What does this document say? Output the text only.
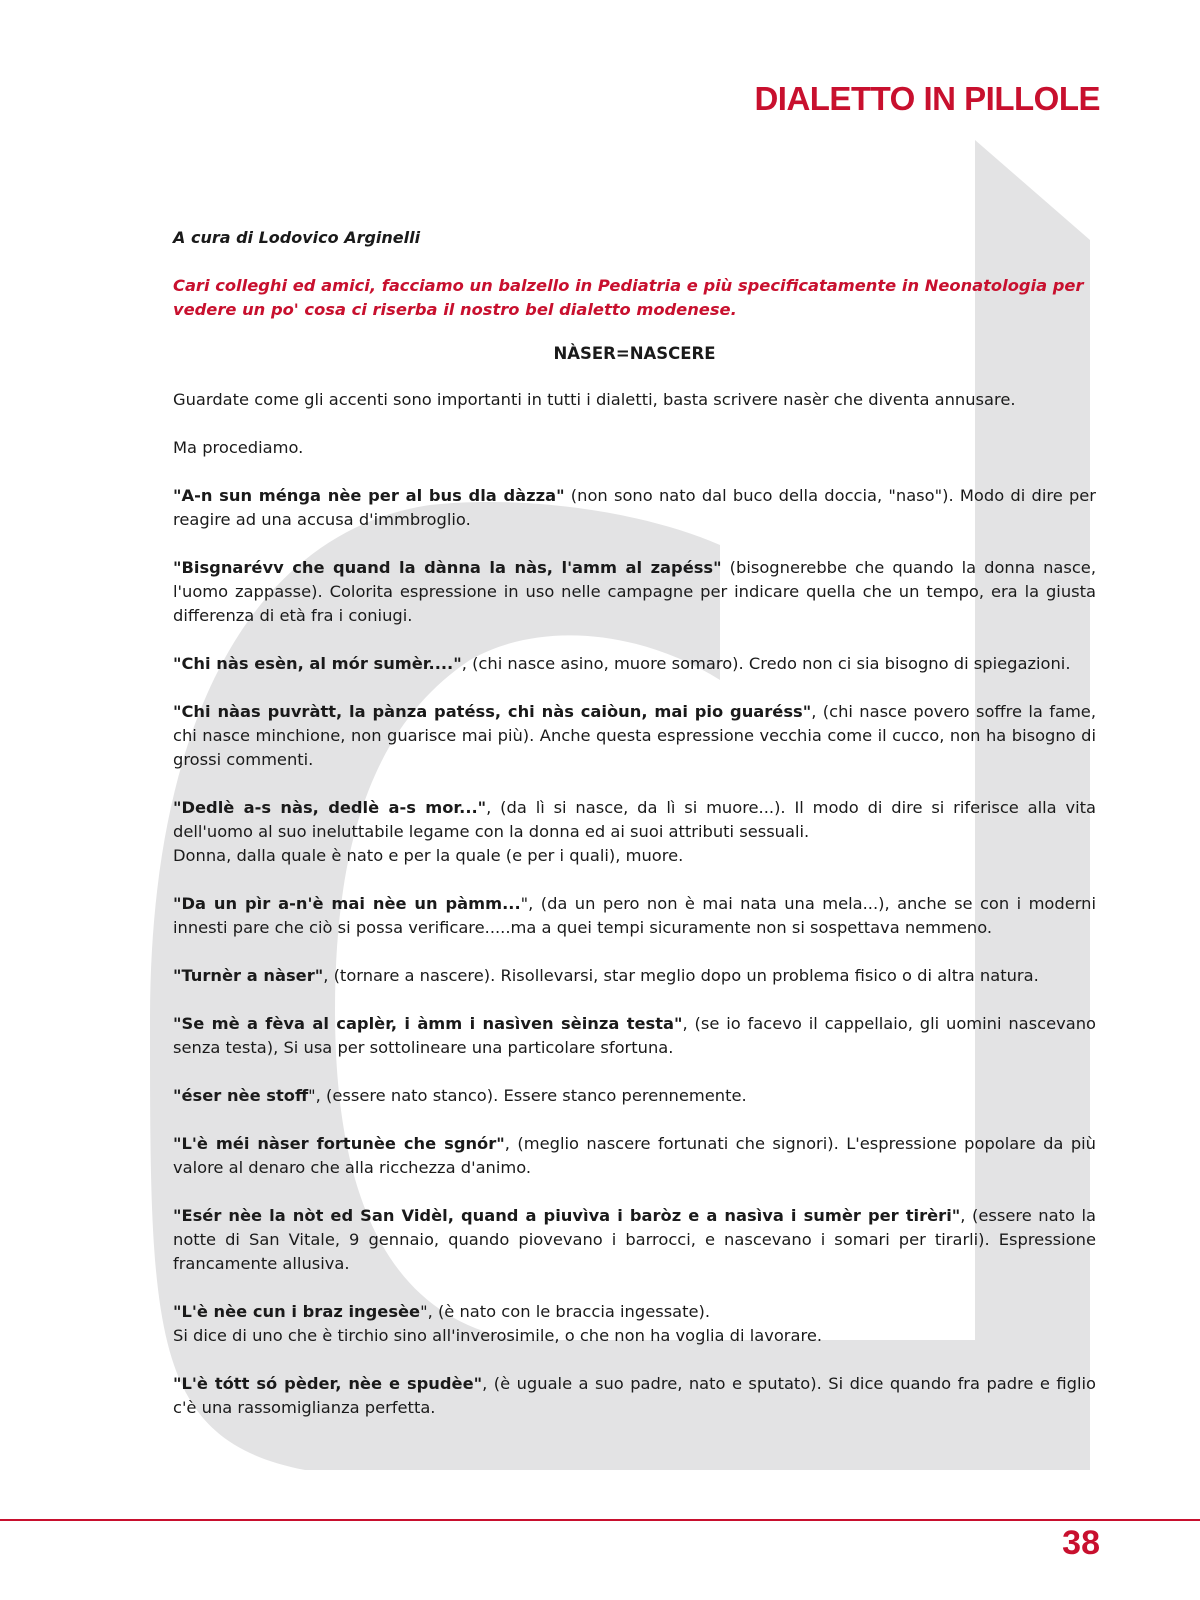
DIALETTO IN PILLOLE
A cura di Lodovico Arginelli
Cari colleghi ed amici, facciamo un balzello in Pediatria e più specificatamente in Neonatologia per vedere un po' cosa ci riserba il nostro bel dialetto modenese.
NÀSER=NASCERE

Guardate come gli accenti sono importanti in tutti i dialetti, basta scrivere nasèr che diventa annusare.

Ma procediamo.

"A-n sun ménga nèe per al bus dla dàzza" (non sono nato dal buco della doccia, "naso"). Modo di dire per reagire ad una accusa d'immbroglio.

"Bisgnarévv che quand la dànna la nàs, l'amm al zapéss" (bisognerebbe che quando la donna nasce, l'uomo zappasse). Colorita espressione in uso nelle campagne per indicare quella che un tempo, era la giusta differenza di età fra i coniugi.

"Chi nàs esèn, al mór sumèr....", (chi nasce asino, muore somaro). Credo non ci sia bisogno di spiegazioni.

"Chi nàas puvràtt, la pànza patéss, chi nàs caiòun, mai pio guaréss", (chi nasce povero soffre la fame, chi nasce minchione, non guarisce mai più). Anche questa espressione vecchia come il cucco, non ha bisogno di grossi commenti.

"Dedlè a-s nàs, dedlè a-s mor...", (da lì si nasce, da lì si muore...). Il modo di dire si riferisce alla vita dell'uomo al suo ineluttabile legame con la donna ed ai suoi attributi sessuali.

Donna, dalla quale è nato e per la quale (e per i quali), muore.

"Da un pìr a-n'è mai nèe un pàmm...", (da un pero non è mai nata una mela...), anche se con i moderni innesti pare che ciò si possa verificare.....ma a quei tempi sicuramente non si sospettava nemmeno.

"Turnèr a nàser", (tornare a nascere). Risollevarsi, star meglio dopo un problema fisico o di altra natura.

"Se mè a fèva al caplèr, i àmm i nasìven sèinza testa", (se io facevo il cappellaio, gli uomini nascevano senza testa), Si usa per sottolineare una particolare sfortuna.

"éser nèe stoff", (essere nato stanco). Essere stanco perennemente.

"L'è méi nàser fortunèe che sgnór", (meglio nascere fortunati che signori). L'espressione popolare da più valore al denaro che alla ricchezza d'animo.

"Esér nèe la nòt ed San Vidèl, quand a piuvìva i baròz e a nasìva i sumèr per tirèri", (essere nato la notte di San Vitale, 9 gennaio, quando piovevano i barrocci, e nascevano i somari per tirarli). Espressione francamente allusiva.

"L'è nèe cun i braz ingesèe", (è nato con le braccia ingessate).

Si dice di uno che è tirchio sino all'inverosimile, o che non ha voglia di lavorare.

"L'è tótt só pèder, nèe e spudèe", (è uguale a suo padre, nato e sputato). Si dice quando fra padre e figlio c'è una rassomiglianza perfetta.

38
